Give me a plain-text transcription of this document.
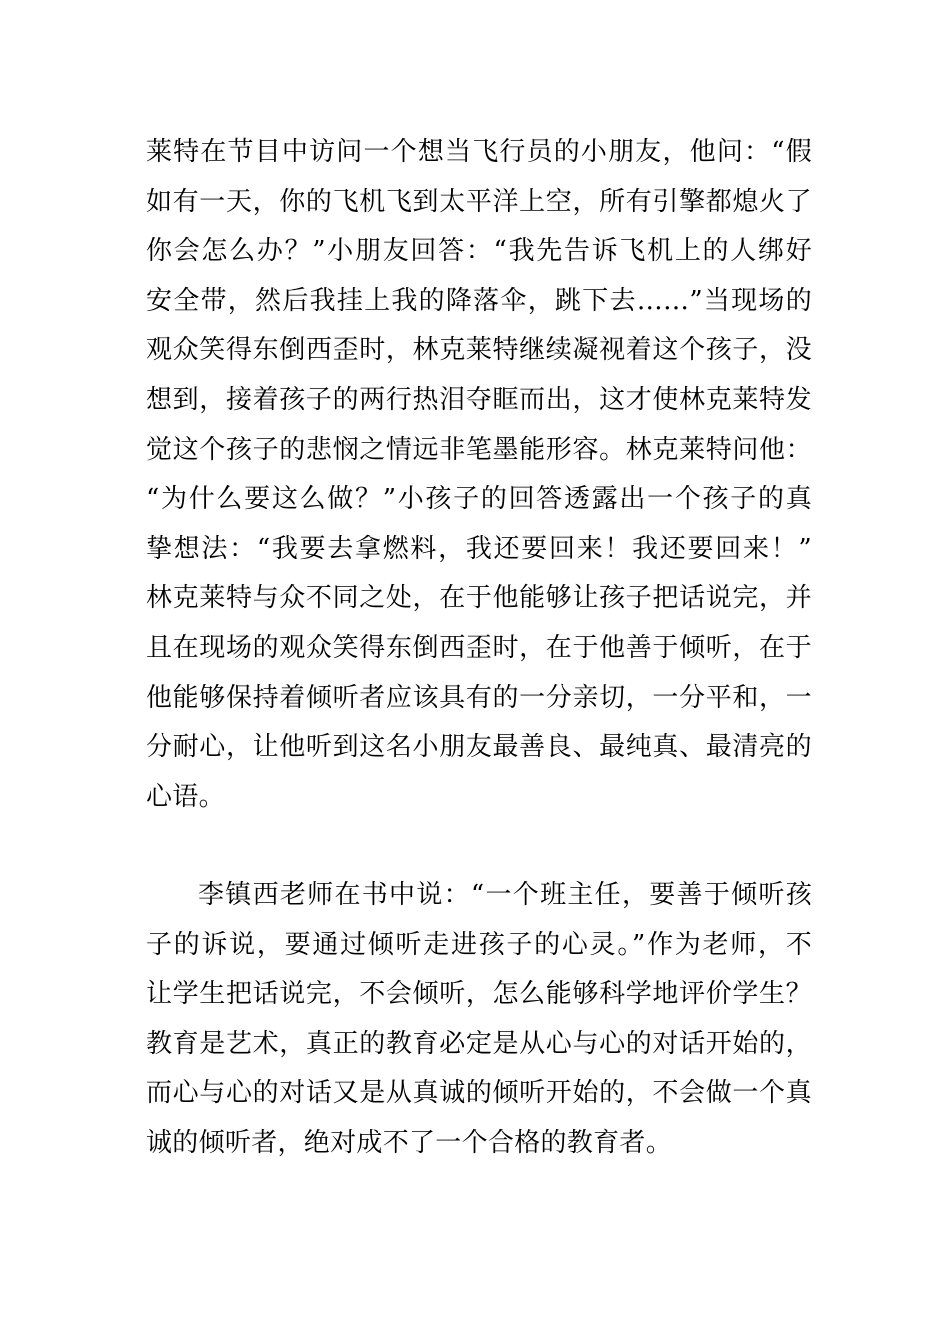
莱特在节目中访问一个想当飞行员的小朋友，他问：“假
如有一天，你的飞机飞到太平洋上空，所有引擎都熄火了
你会怎么办？”小朋友回答：“我先告诉飞机上的人绑好
安全带，然后我挂上我的降落伞，跳下去……”当现场的
观众笑得东倒西歪时，林克莱特继续凝视着这个孩子，没
想到，接着孩子的两行热泪夺眶而出，这才使林克莱特发
觉这个孩子的悲悯之情远非笔墨能形容。林克莱特问他：
“为什么要这么做？”小孩子的回答透露出一个孩子的真
挚想法：“我要去拿燃料，我还要回来！我还要回来！”
林克莱特与众不同之处，在于他能够让孩子把话说完，并
且在现场的观众笑得东倒西歪时，在于他善于倾听，在于
他能够保持着倾听者应该具有的一分亲切，一分平和，一
分耐心，让他听到这名小朋友最善良、最纯真、最清亮的
心语。
李镇西老师在书中说：“一个班主任，要善于倾听孩
子的诉说，要通过倾听走进孩子的心灵。”作为老师，不
让学生把话说完，不会倾听，怎么能够科学地评价学生？
教育是艺术，真正的教育必定是从心与心的对话开始的，
而心与心的对话又是从真诚的倾听开始的，不会做一个真
诚的倾听者，绝对成不了一个合格的教育者。
